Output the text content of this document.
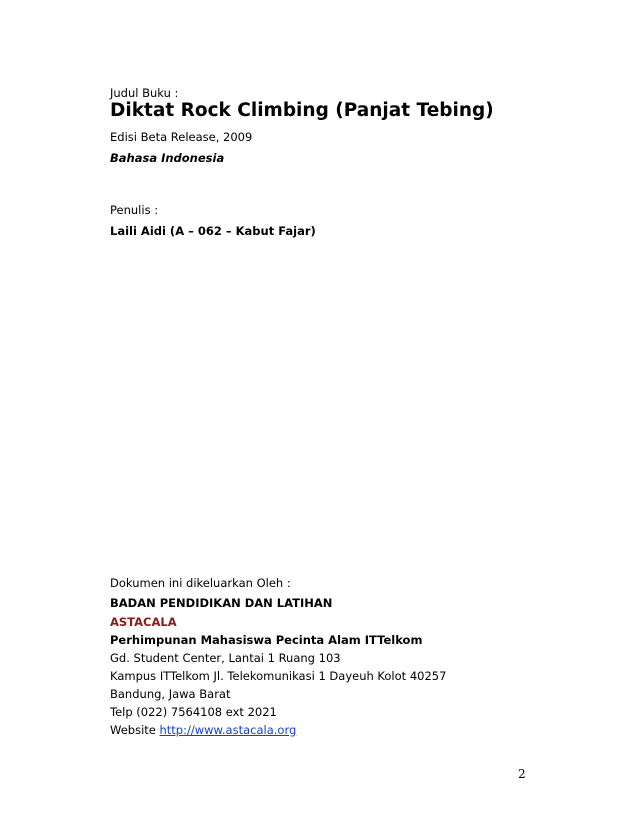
Judul Buku :
Diktat Rock Climbing (Panjat Tebing)
Edisi Beta Release, 2009
Bahasa Indonesia
Penulis :
Laili Aidi (A – 062 – Kabut Fajar)
Dokumen ini dikeluarkan Oleh :
BADAN PENDIDIKAN DAN LATIHAN
ASTACALA
Perhimpunan Mahasiswa Pecinta Alam ITTelkom
Gd. Student Center, Lantai 1 Ruang 103
Kampus ITTelkom Jl. Telekomunikasi 1 Dayeuh Kolot 40257
Bandung, Jawa Barat
Telp (022) 7564108 ext 2021
Website http://www.astacala.org
2
